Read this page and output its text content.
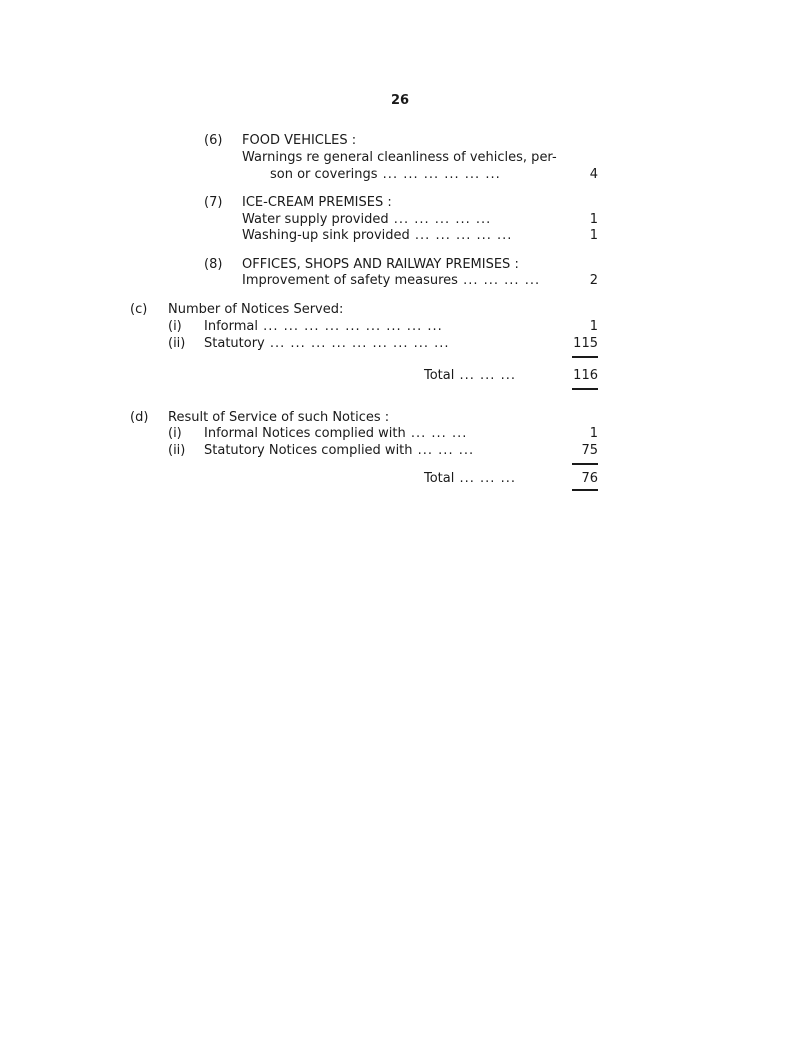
26
(6) FOOD VEHICLES :
Warnings re general cleanliness of vehicles, per-
son or coverings ... ... ... ... ... ...	4
(7) ICE-CREAM PREMISES :
Water supply provided ... ... ... ... ...	1
Washing-up sink provided ... ... ... ... ...	1
(8) OFFICES, SHOPS AND RAILWAY PREMISES :
Improvement of safety measures ... ... ... ...	2
(c) Number of Notices Served:
(i) Informal ... ... ... ... ... ... ... ... ...	1
(ii) Statutory ... ... ... ... ... ... ... ... ...	115
Total ... ... ...	116
(d) Result of Service of such Notices :
(i) Informal Notices complied with ... ... ...	1
(ii) Statutory Notices complied with ... ... ...	75
Total ... ... ...	76
